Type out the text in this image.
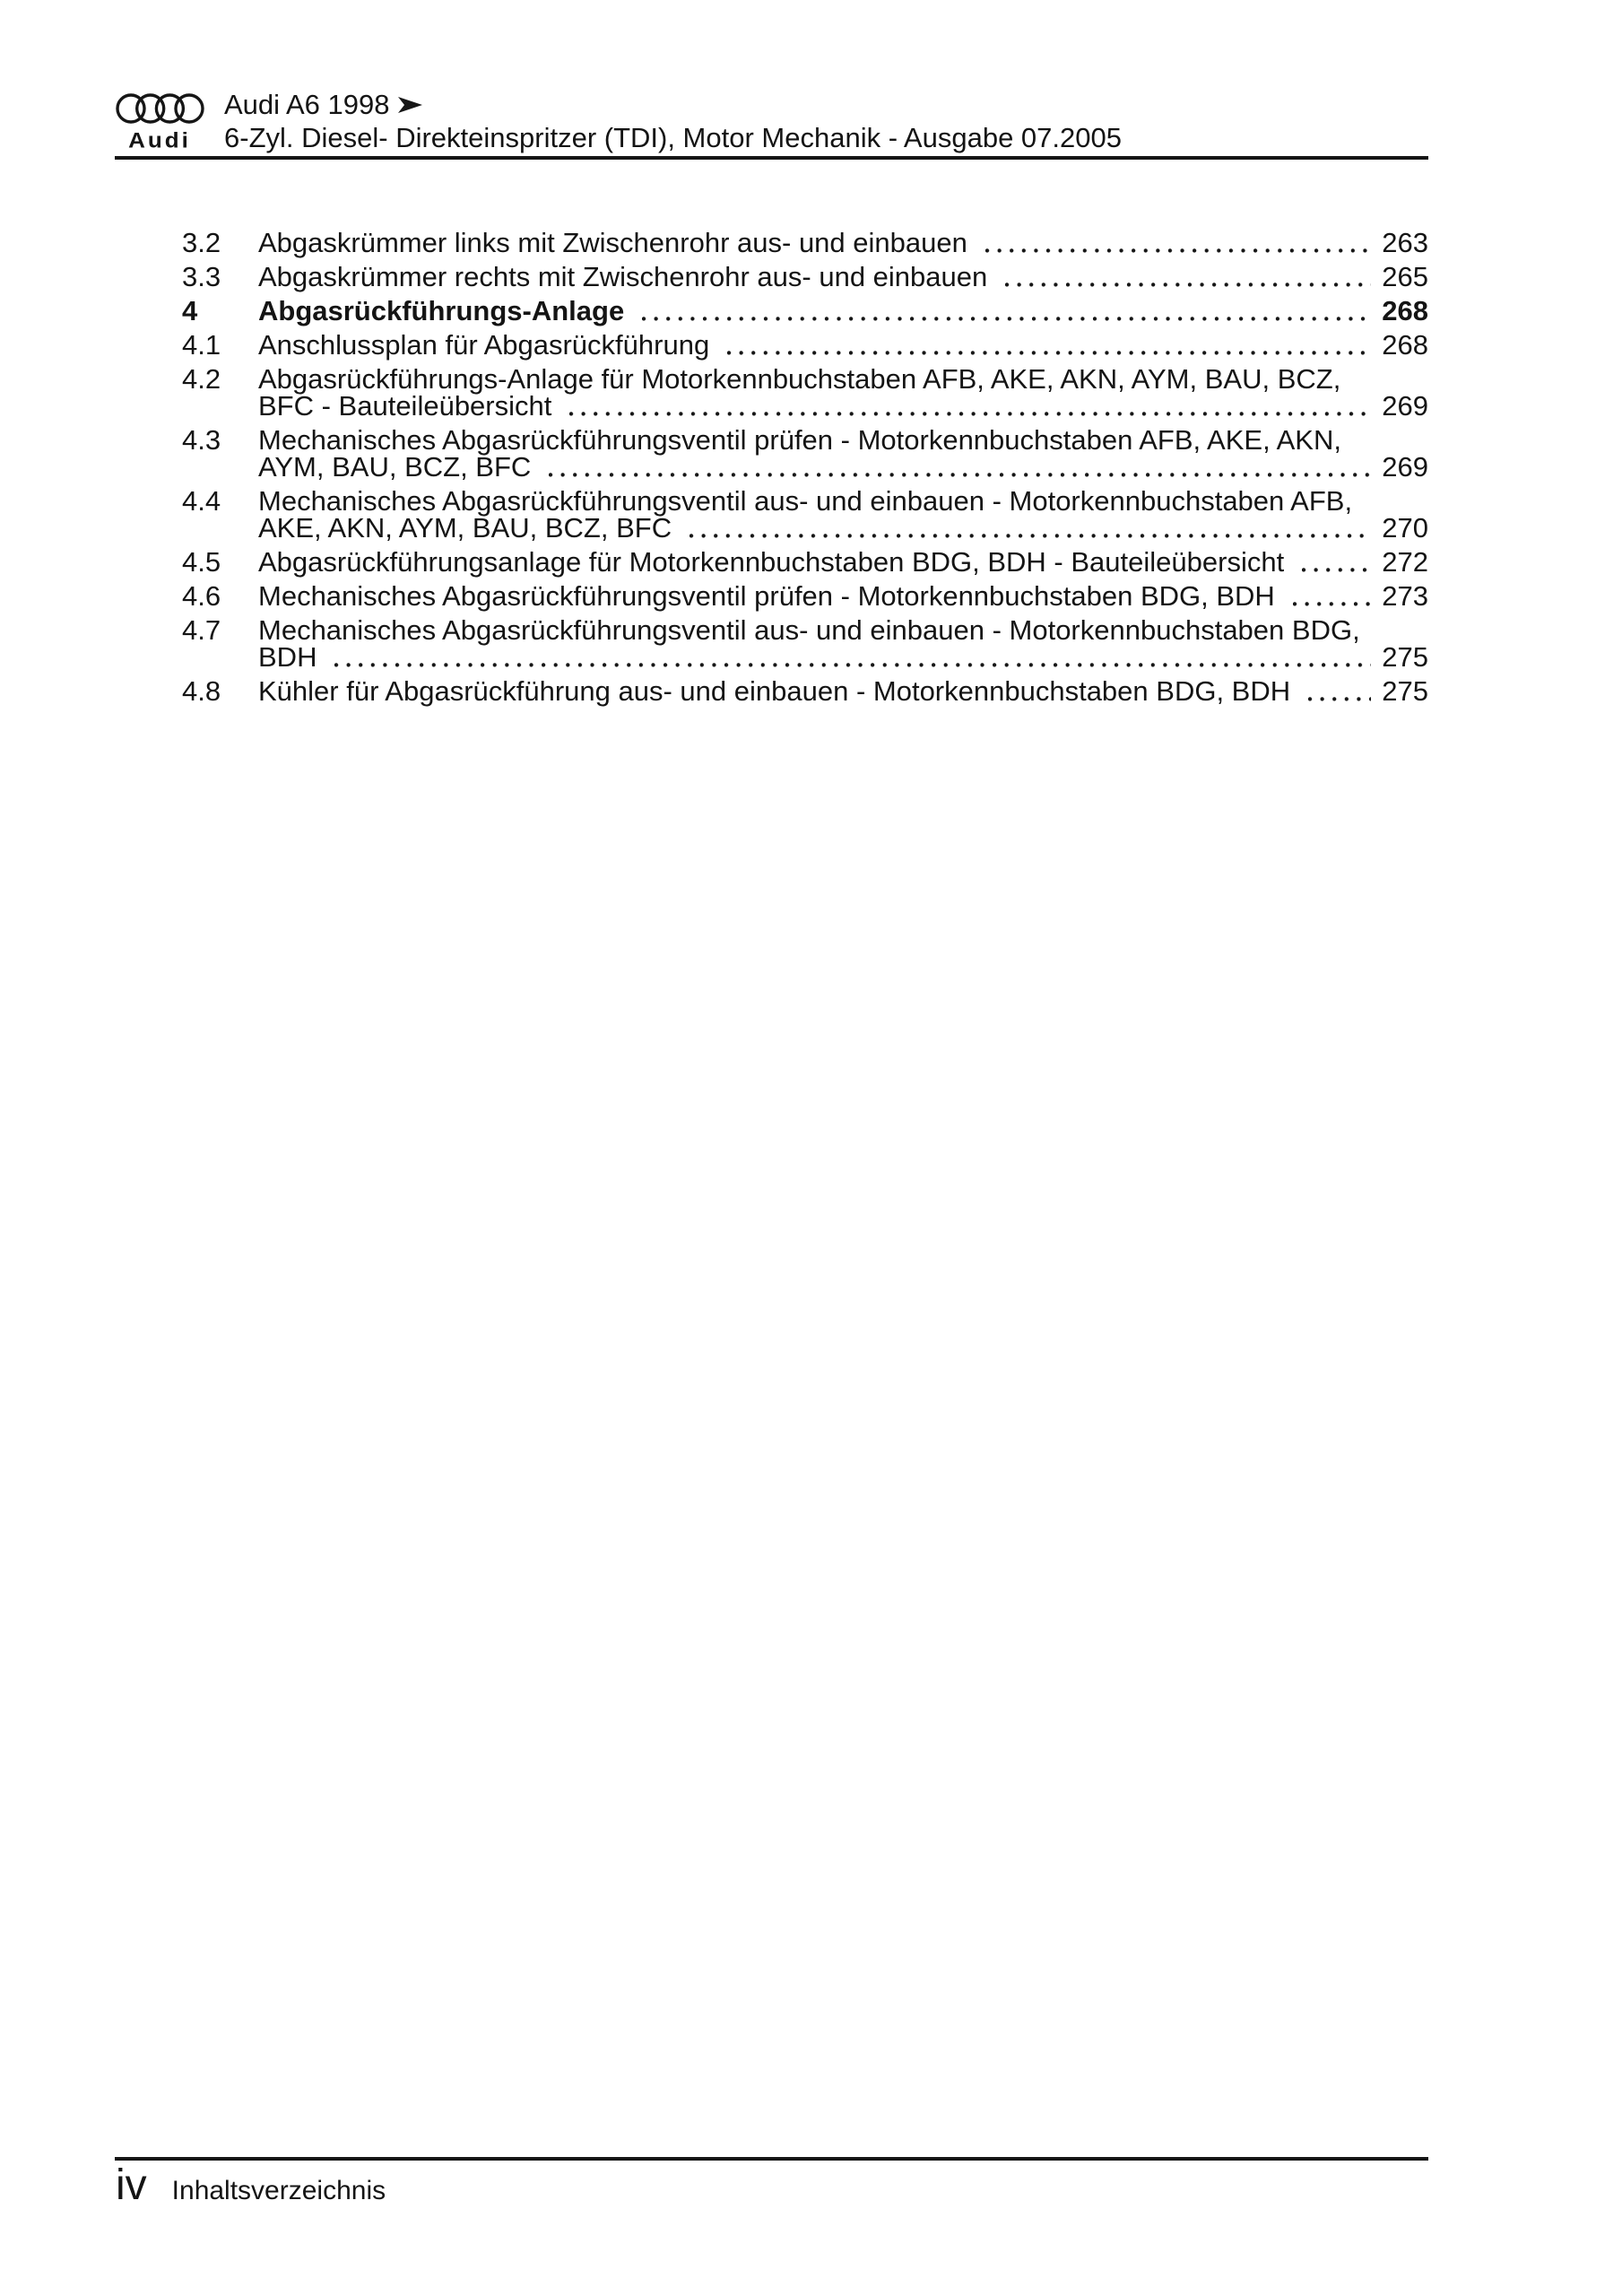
Audi
Audi A6 1998
6-Zyl. Diesel- Direkteinspritzer (TDI), Motor Mechanik - Ausgabe 07.2005
3.2	Abgaskrümmer links mit Zwischenrohr aus- und einbauen	263
3.3	Abgaskrümmer rechts mit Zwischenrohr aus- und einbauen	265
4	Abgasrückführungs-Anlage	268
4.1	Anschlussplan für Abgasrückführung	268
4.2	Abgasrückführungs-Anlage für Motorkennbuchstaben AFB, AKE, AKN, AYM, BAU, BCZ,
BFC - Bauteileübersicht	269
4.3	Mechanisches Abgasrückführungsventil prüfen - Motorkennbuchstaben AFB, AKE, AKN,
AYM, BAU, BCZ, BFC	269
4.4	Mechanisches Abgasrückführungsventil aus- und einbauen - Motorkennbuchstaben AFB,
AKE, AKN, AYM, BAU, BCZ, BFC	270
4.5	Abgasrückführungsanlage für Motorkennbuchstaben BDG, BDH - Bauteileübersicht	272
4.6	Mechanisches Abgasrückführungsventil prüfen - Motorkennbuchstaben BDG, BDH	273
4.7	Mechanisches Abgasrückführungsventil aus- und einbauen - Motorkennbuchstaben BDG,
BDH	275
4.8	Kühler für Abgasrückführung aus- und einbauen - Motorkennbuchstaben BDG, BDH	275
iv Inhaltsverzeichnis
